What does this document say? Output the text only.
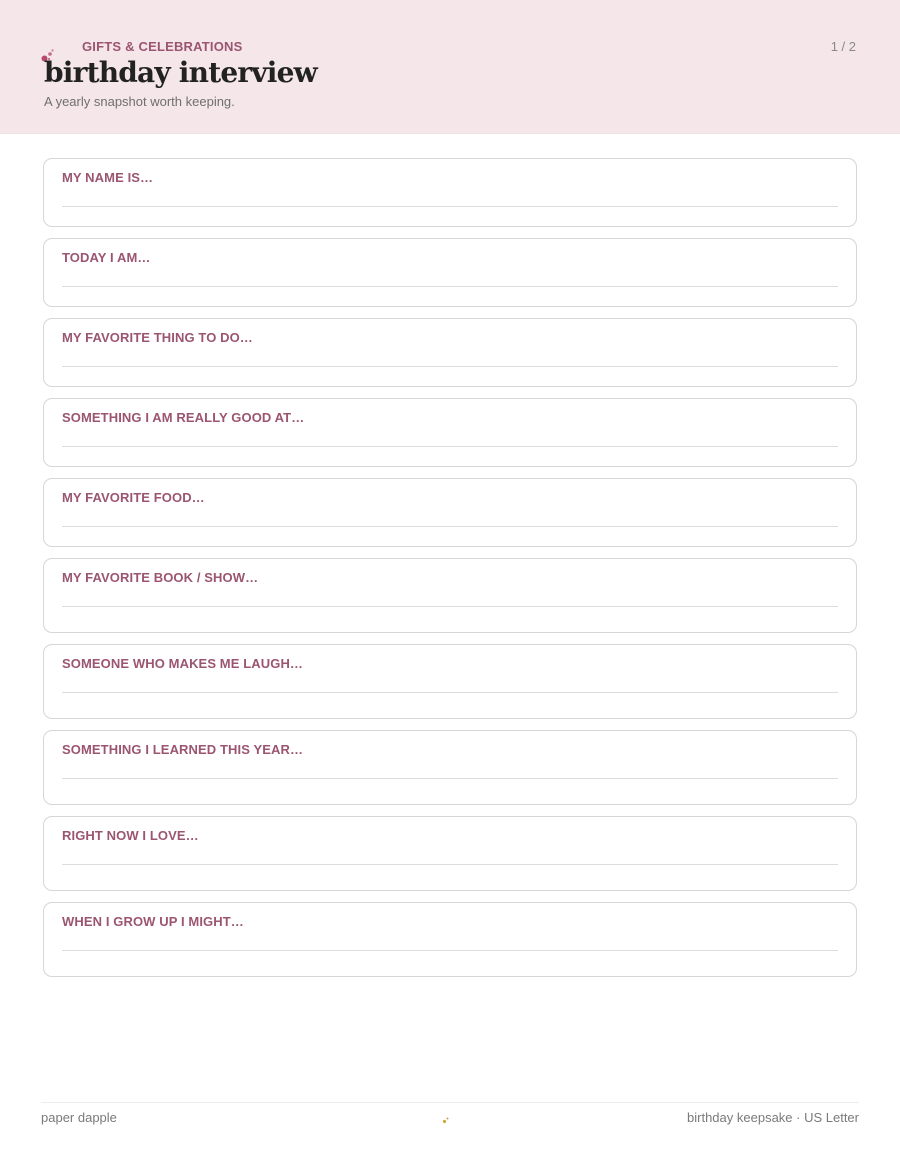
GIFTS & CELEBRATIONS	1 / 2
birthday interview
A yearly snapshot worth keeping.
MY NAME IS…
TODAY I AM…
MY FAVORITE THING TO DO…
SOMETHING I AM REALLY GOOD AT…
MY FAVORITE FOOD…
MY FAVORITE BOOK / SHOW…
SOMEONE WHO MAKES ME LAUGH…
SOMETHING I LEARNED THIS YEAR…
RIGHT NOW I LOVE…
WHEN I GROW UP I MIGHT…
paper dapple	birthday keepsake · US Letter
